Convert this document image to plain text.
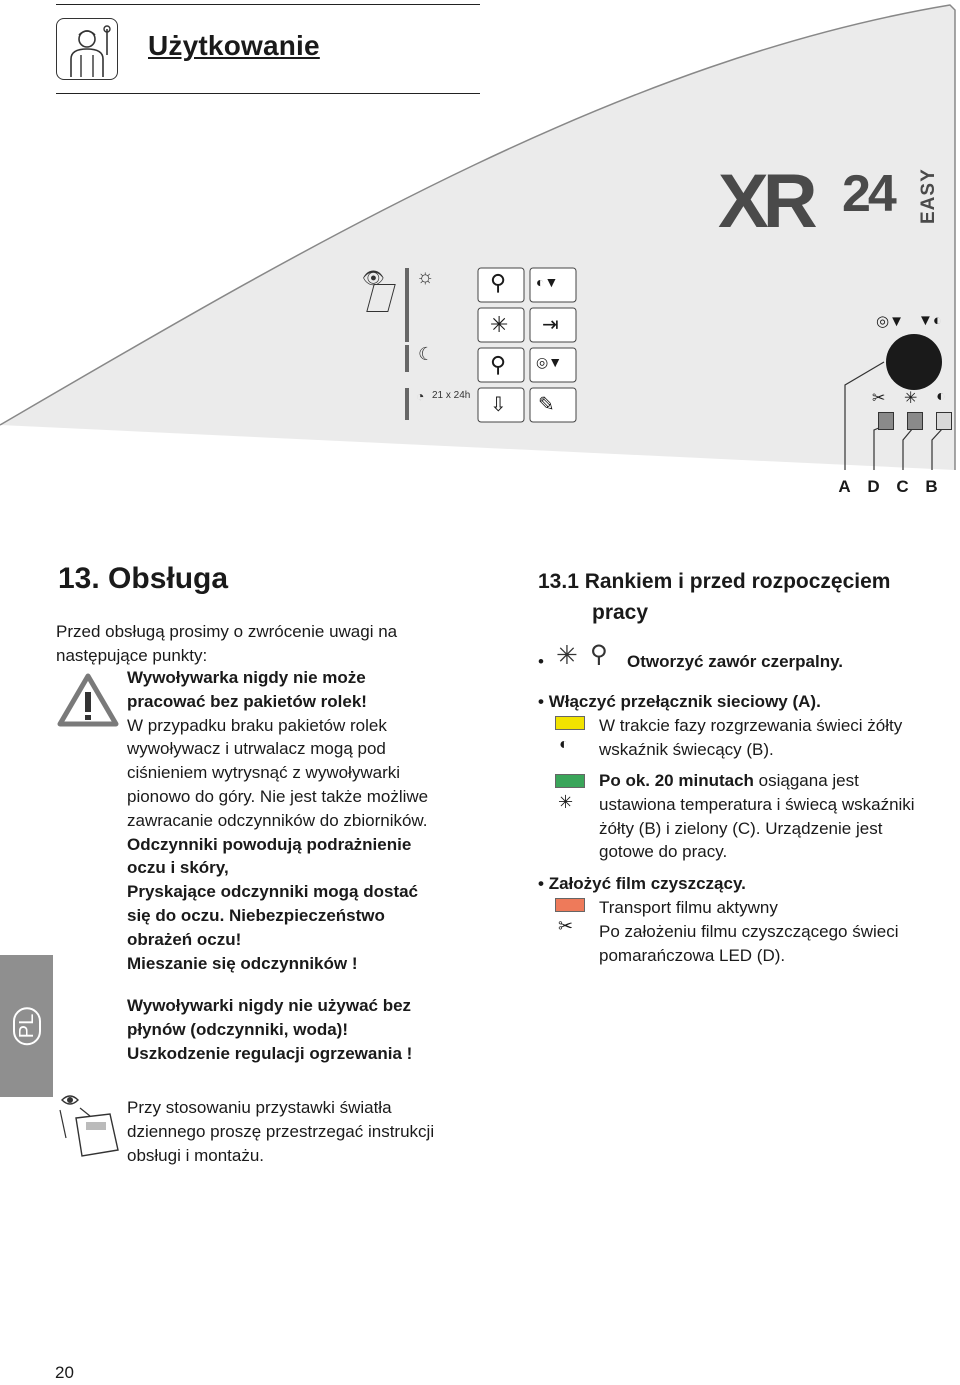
Użytkowanie
XR 24 EASY
👁 ☼
☾
◔ 21 x 24h
⚲ ◐▼
✳ ⇥
⚲ ◎▼
⇩ ✎
◎▼ ▼◐
✂ ✳ ◐
A D C B
13. Obsługa
Przed obsługą prosimy o zwrócenie uwagi na
następujące punkty:
Wywoływarka nigdy nie może
pracować bez pakietów rolek!
W przypadku braku pakietów rolek
wywoływacz i utrwalacz mogą pod
ciśnieniem wytrysnąć z wywoływarki
pionowo do góry. Nie jest także możliwe
zawracanie odczynników do zbiorników.
Odczynniki powodują podrażnienie
oczu i skóry,
Pryskające odczynniki mogą dostać
się do oczu. Niebezpieczeństwo
obrażeń oczu!
Mieszanie się odczynników !
Wywoływarki nigdy nie używać bez
płynów (odczynniki, woda)!
Uszkodzenie regulacji ogrzewania !
Przy stosowaniu przystawki światła
dziennego proszę przestrzegać instrukcji
obsługi i montażu.
13.1 Rankiem i przed rozpoczęciem
pracy
• ✳ ⚲ Otworzyć zawór czerpalny.
• Włączyć przełącznik sieciowy (A).
◐
W trakcie fazy rozgrzewania świeci żółty
wskaźnik świecący (B).
✳
Po ok. 20 minutach osiągana jest
ustawiona temperatura i świecą wskaźniki
żółty (B) i zielony (C). Urządzenie jest
gotowe do pracy.
• Założyć film czyszczący.
✂
Transport filmu aktywny
Po założeniu filmu czyszczącego świeci
pomarańczowa LED (D).
PL
20
